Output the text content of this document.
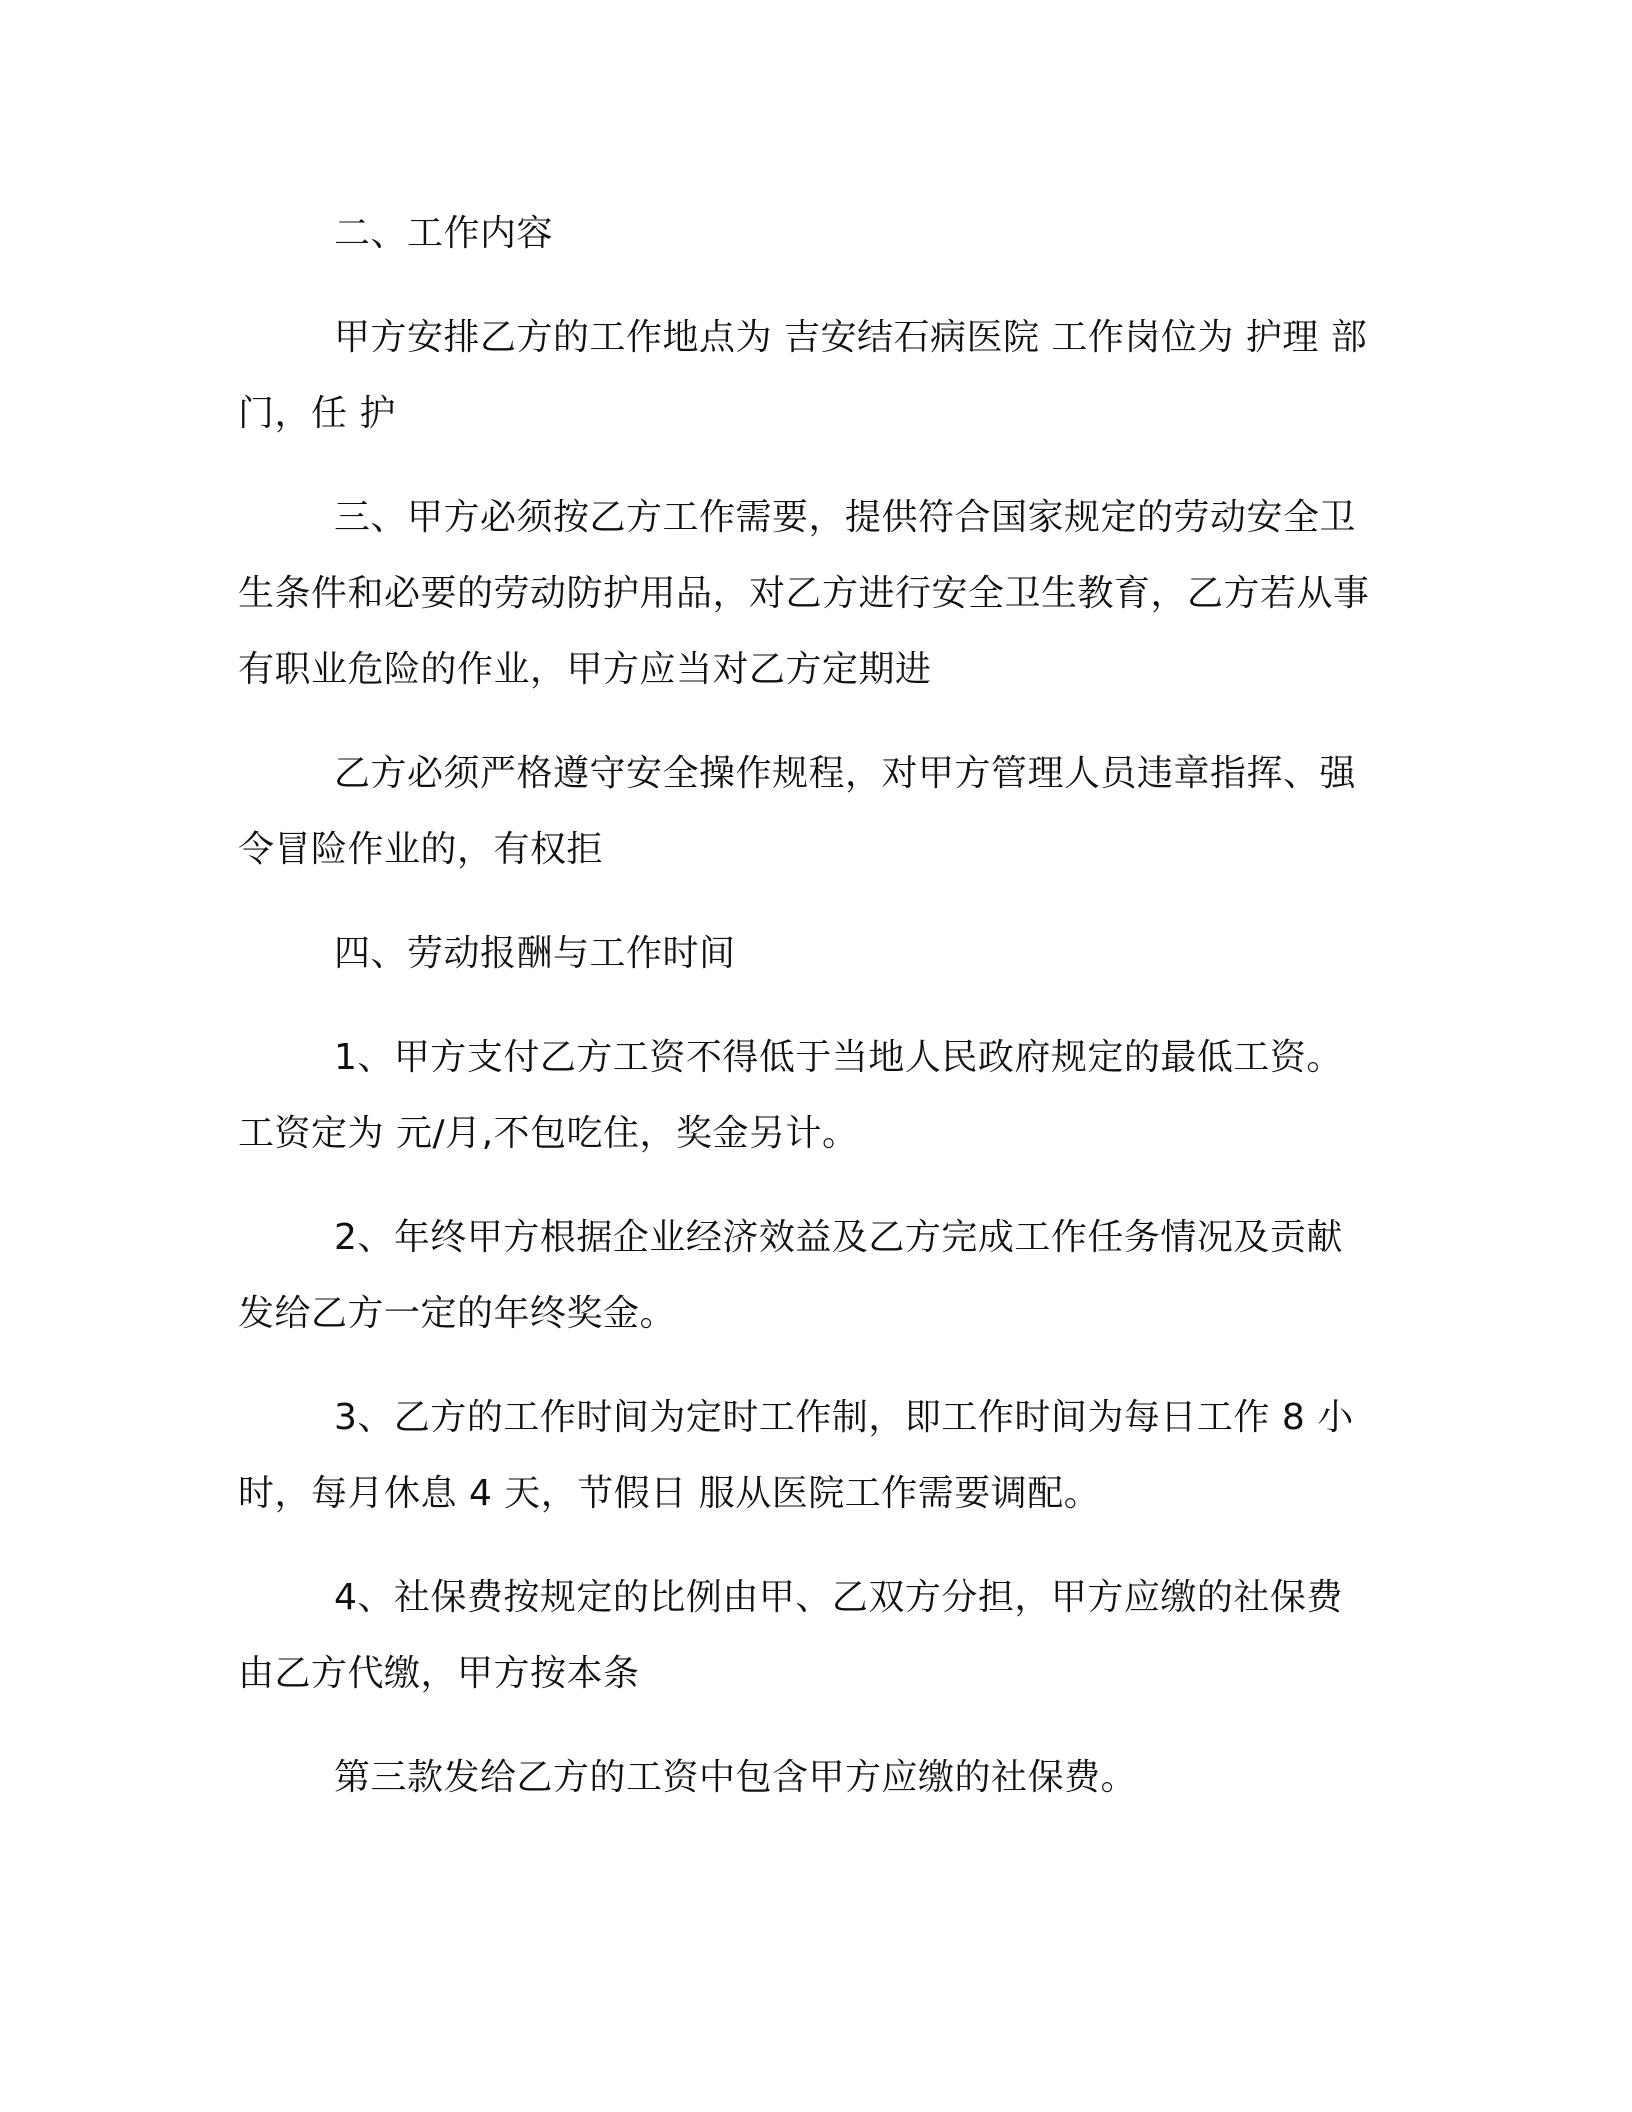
二、工作内容

甲方安排乙方的工作地点为 吉安结石病医院 工作岗位为 护理 部门，任 护

三、甲方必须按乙方工作需要，提供符合国家规定的劳动安全卫生条件和必要的劳动防护用品，对乙方进行安全卫生教育，乙方若从事有职业危险的作业，甲方应当对乙方定期进

乙方必须严格遵守安全操作规程，对甲方管理人员违章指挥、强令冒险作业的，有权拒

四、劳动报酬与工作时间

1、甲方支付乙方工资不得低于当地人民政府规定的最低工资。工资定为 元/月,不包吃住，奖金另计。

2、年终甲方根据企业经济效益及乙方完成工作任务情况及贡献发给乙方一定的年终奖金。

3、乙方的工作时间为定时工作制，即工作时间为每日工作 8 小时，每月休息 4 天，节假日 服从医院工作需要调配。

4、社保费按规定的比例由甲、乙双方分担，甲方应缴的社保费由乙方代缴，甲方按本条

第三款发给乙方的工资中包含甲方应缴的社保费。
